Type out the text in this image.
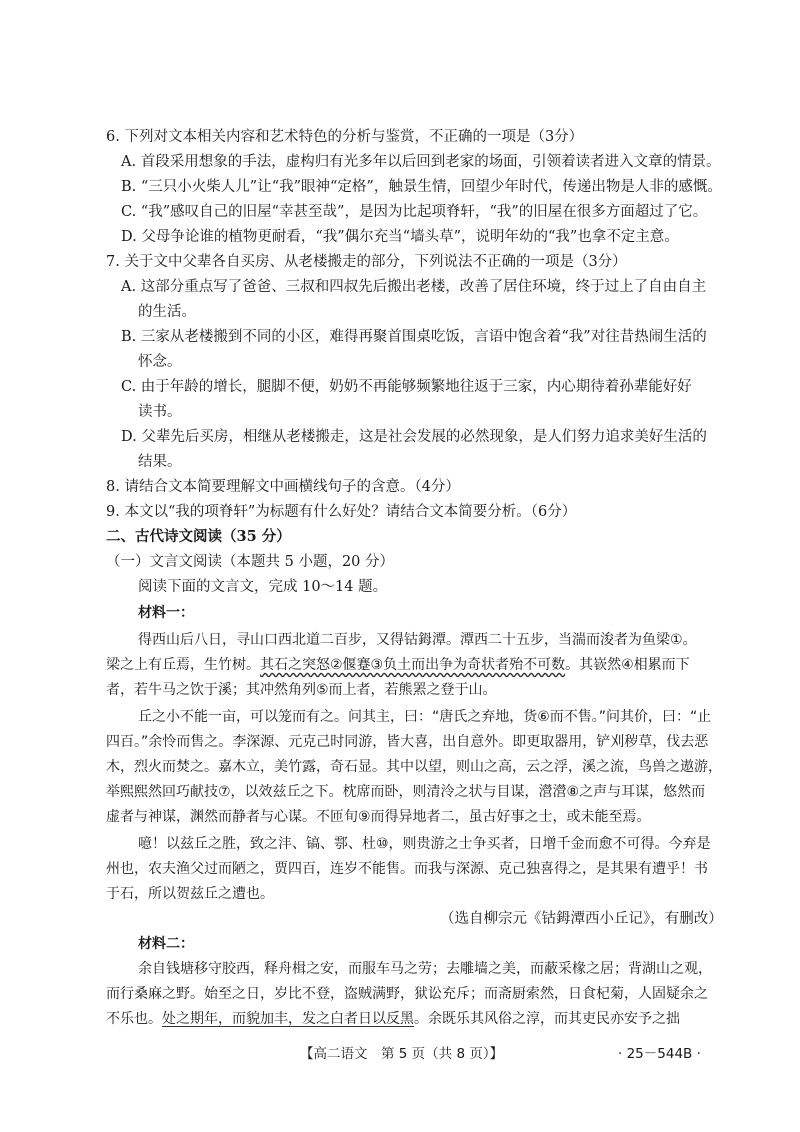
6. 下列对文本相关内容和艺术特色的分析与鉴赏，不正确的一项是（3分）
A. 首段采用想象的手法，虚构归有光多年以后回到老家的场面，引领着读者进入文章的情景。
B. “三只小火柴人儿”让“我”眼神“定格”，触景生情，回望少年时代，传递出物是人非的感慨。
C. “我”感叹自己的旧屋“幸甚至哉”，是因为比起项脊轩，“我”的旧屋在很多方面超过了它。
D. 父母争论谁的植物更耐看，“我”偶尔充当“墙头草”，说明年幼的“我”也拿不定主意。
7. 关于文中父辈各自买房、从老楼搬走的部分，下列说法不正确的一项是（3分）
A. 这部分重点写了爸爸、三叔和四叔先后搬出老楼，改善了居住环境，终于过上了自由自主
的生活。
B. 三家从老楼搬到不同的小区，难得再聚首围桌吃饭，言语中饱含着“我”对往昔热闹生活的
怀念。
C. 由于年龄的增长，腿脚不便，奶奶不再能够频繁地往返于三家，内心期待着孙辈能好好
读书。
D. 父辈先后买房，相继从老楼搬走，这是社会发展的必然现象，是人们努力追求美好生活的
结果。
8. 请结合文本简要理解文中画横线句子的含意。（4分）
9. 本文以“我的项脊轩”为标题有什么好处？请结合文本简要分析。（6分）
二、古代诗文阅读（35 分）
（一）文言文阅读（本题共 5 小题，20 分）
阅读下面的文言文，完成 10～14 题。
材料一：
得西山后八日，寻山口西北道二百步，又得钴鉧潭。潭西二十五步，当湍而浚者为鱼梁①。
梁之上有丘焉，生竹树。其石之突怒②偃蹇③负土而出争为奇状者殆不可数。其嵚然④相累而下
者，若牛马之饮于溪；其冲然角列⑤而上者，若熊罴之登于山。
丘之小不能一亩，可以笼而有之。问其主，曰：“唐氏之弃地，货⑥而不售。”问其价，曰：“止
四百。”余怜而售之。李深源、元克己时同游，皆大喜，出自意外。即更取器用，铲刈秽草，伐去恶
木，烈火而焚之。嘉木立，美竹露，奇石显。其中以望，则山之高，云之浮，溪之流，鸟兽之遨游，
举熙熙然回巧献技⑦，以效兹丘之下。枕席而卧，则清泠之状与目谋，瀯瀯⑧之声与耳谋，悠然而
虚者与神谋，渊然而静者与心谋。不匝旬⑨而得异地者二，虽古好事之士，或未能至焉。
噫！以兹丘之胜，致之沣、镐、鄠、杜⑩，则贵游之士争买者，日增千金而愈不可得。今弃是
州也，农夫渔父过而陋之，贾四百，连岁不能售。而我与深源、克己独喜得之，是其果有遭乎！书
于石，所以贺兹丘之遭也。
（选自柳宗元《钴鉧潭西小丘记》，有删改）
材料二：
余自钱塘移守胶西，释舟楫之安，而服车马之劳；去雕墙之美，而蔽采椽之居；背湖山之观，
而行桑麻之野。始至之日，岁比不登，盗贼满野，狱讼充斥；而斋厨索然，日食杞菊，人固疑余之
不乐也。处之期年，而貌加丰，发之白者日以反黑。余既乐其风俗之淳，而其吏民亦安予之拙
【高二语文　第 5 页（共 8 页）】	· 25－544B ·
